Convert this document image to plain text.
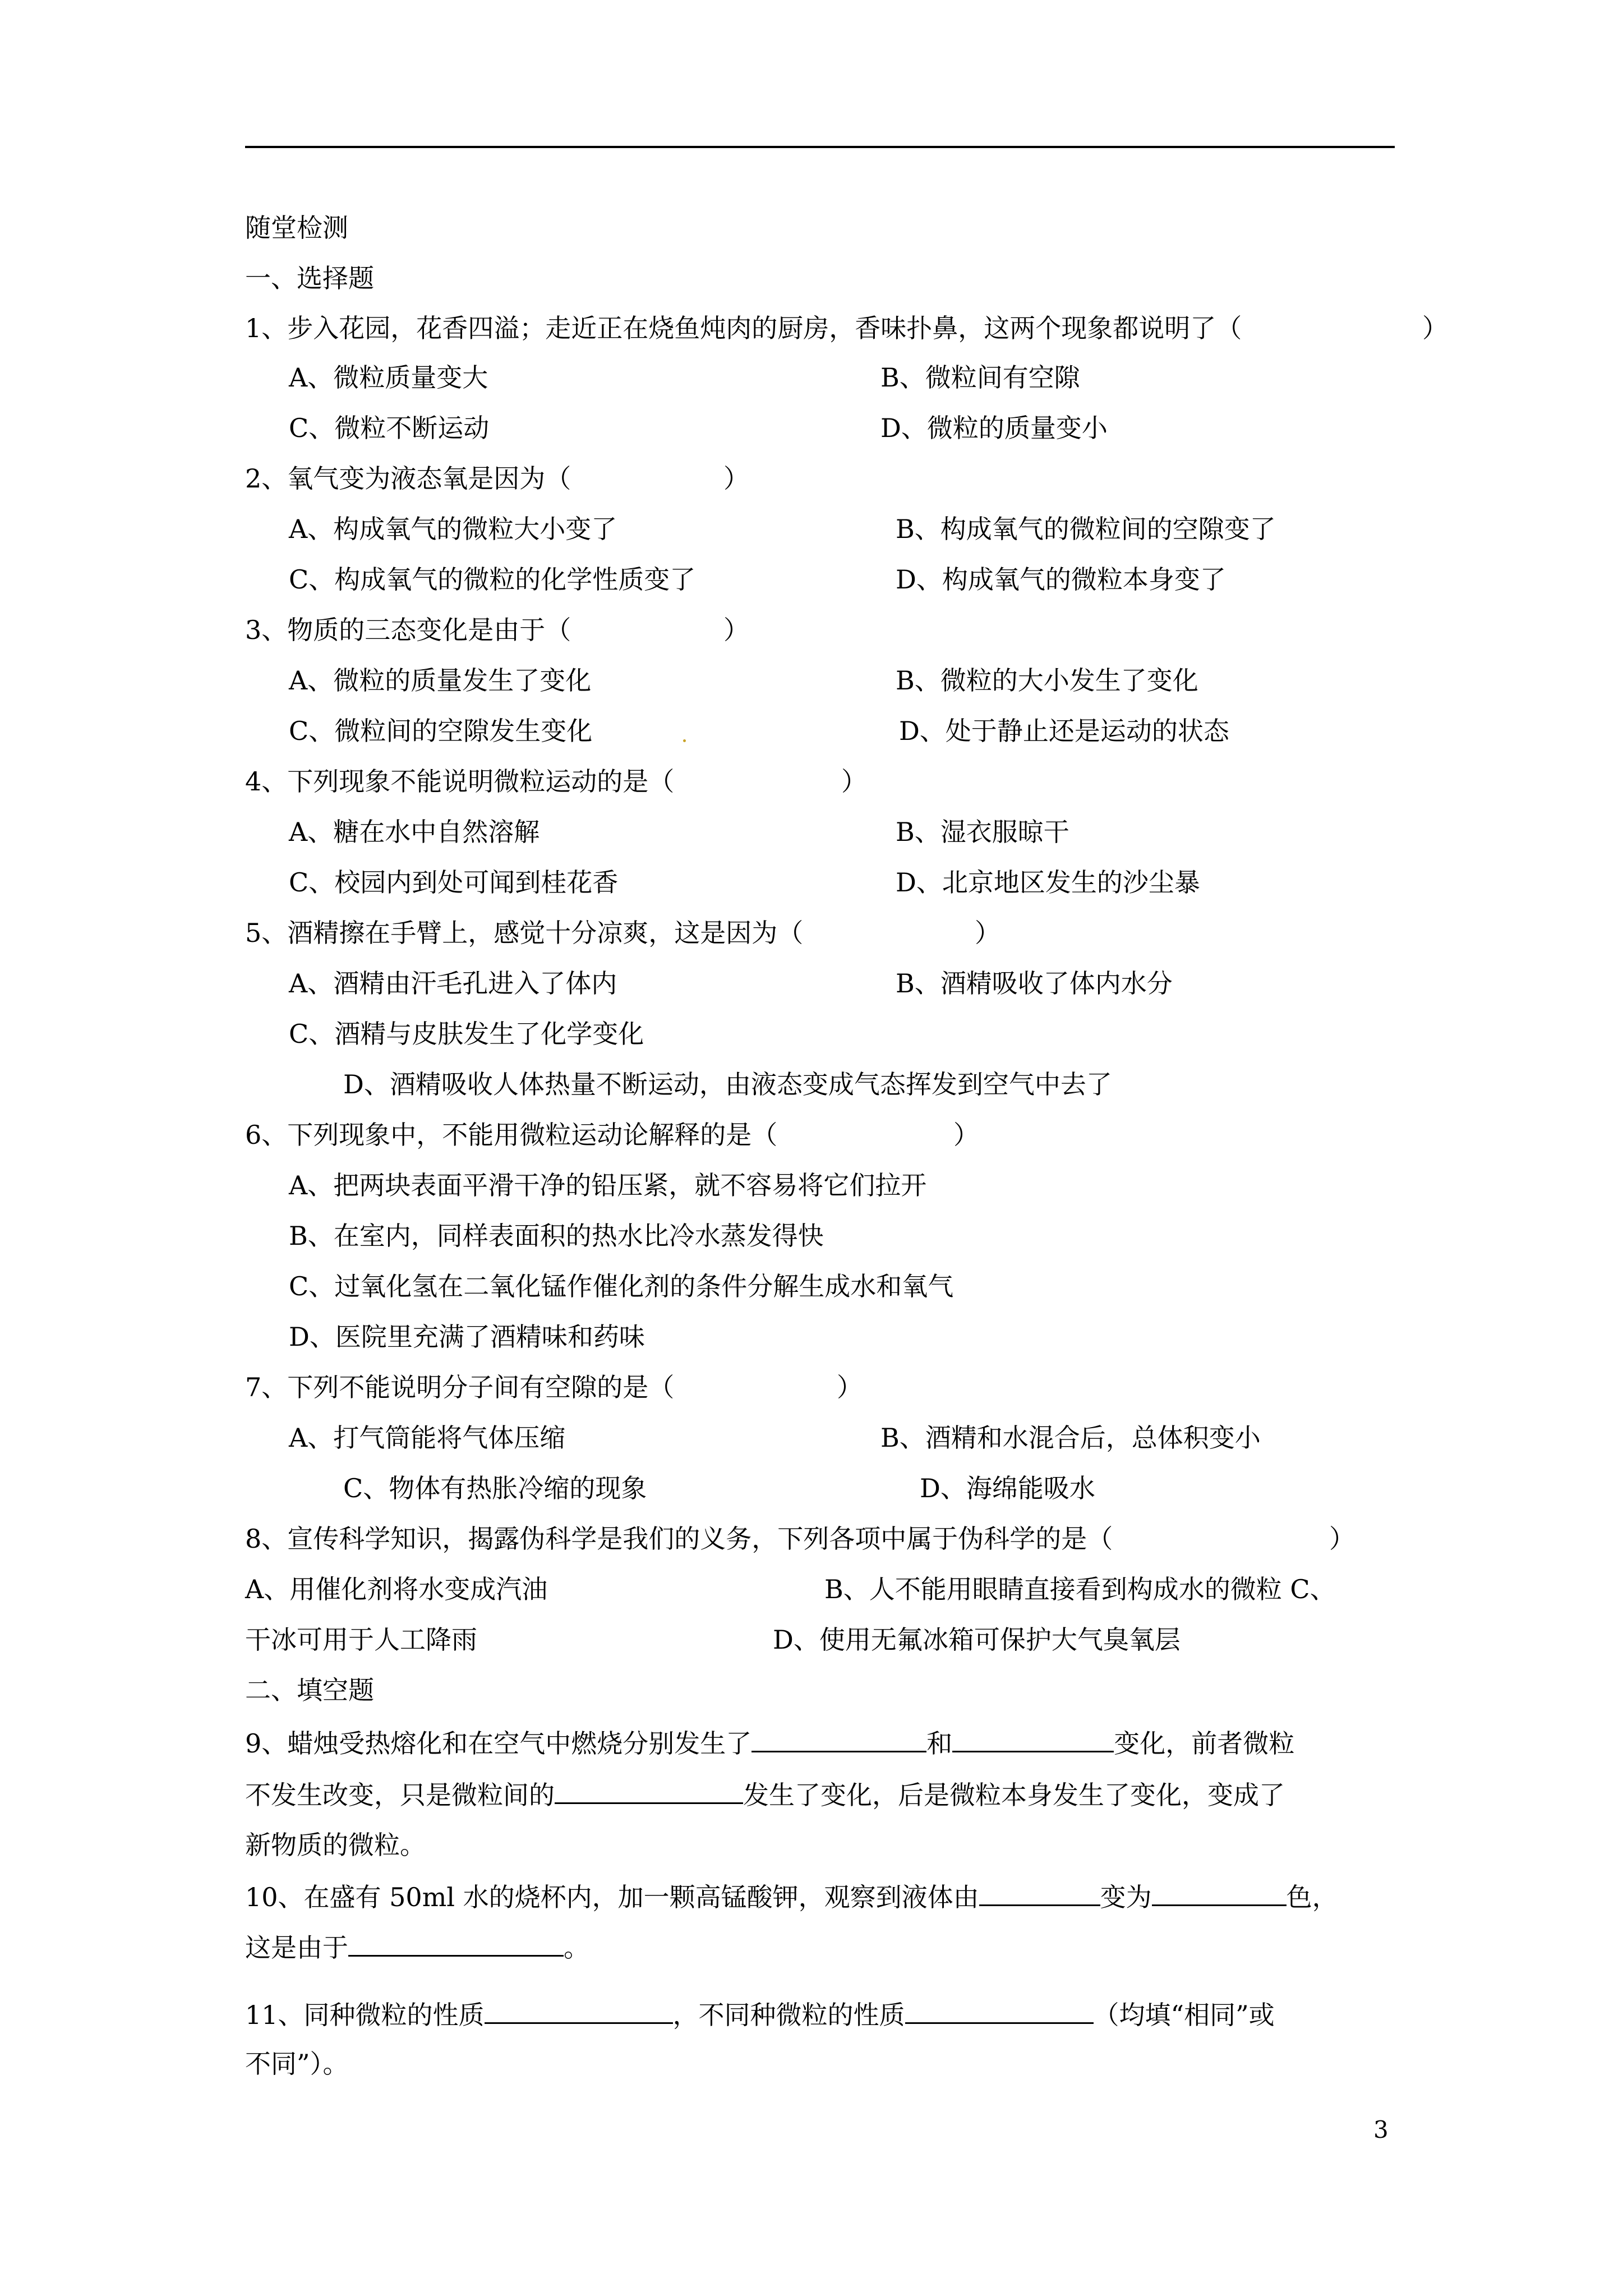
随堂检测
一、选择题
1、步入花园，花香四溢；走近正在烧鱼炖肉的厨房，香味扑鼻，这两个现象都说明了（	）
A、微粒质量变大	B、微粒间有空隙
C、微粒不断运动	D、微粒的质量变小
2、氧气变为液态氧是因为（	）
A、构成氧气的微粒大小变了	B、构成氧气的微粒间的空隙变了
C、构成氧气的微粒的化学性质变了	D、构成氧气的微粒本身变了
3、物质的三态变化是由于（	）
A、微粒的质量发生了变化	B、微粒的大小发生了变化
C、微粒间的空隙发生变化	D、处于静止还是运动的状态
4、下列现象不能说明微粒运动的是（	）
A、糖在水中自然溶解	B、湿衣服晾干
C、校园内到处可闻到桂花香	D、北京地区发生的沙尘暴
5、酒精擦在手臂上，感觉十分凉爽，这是因为（	）
A、酒精由汗毛孔进入了体内	B、酒精吸收了体内水分
C、酒精与皮肤发生了化学变化
D、酒精吸收人体热量不断运动，由液态变成气态挥发到空气中去了
6、下列现象中，不能用微粒运动论解释的是（	）
A、把两块表面平滑干净的铅压紧，就不容易将它们拉开
B、在室内，同样表面积的热水比冷水蒸发得快
C、过氧化氢在二氧化锰作催化剂的条件分解生成水和氧气
D、医院里充满了酒精味和药味
7、下列不能说明分子间有空隙的是（	）
A、打气筒能将气体压缩	B、酒精和水混合后，总体积变小
C、物体有热胀冷缩的现象	D、海绵能吸水
8、宣传科学知识，揭露伪科学是我们的义务，下列各项中属于伪科学的是（	）
A、用催化剂将水变成汽油	B、人不能用眼睛直接看到构成水的微粒 C、
干冰可用于人工降雨	D、使用无氟冰箱可保护大气臭氧层
二、填空题
9、蜡烛受热熔化和在空气中燃烧分别发生了	和	变化，前者微粒
不发生改变，只是微粒间的	发生了变化，后是微粒本身发生了变化，变成了
新物质的微粒。
10、在盛有 50ml 水的烧杯内，加一颗高锰酸钾，观察到液体由	变为	色，
这是由于	。
11、同种微粒的性质	，不同种微粒的性质	（均填“相同”或
不同”）。
3
